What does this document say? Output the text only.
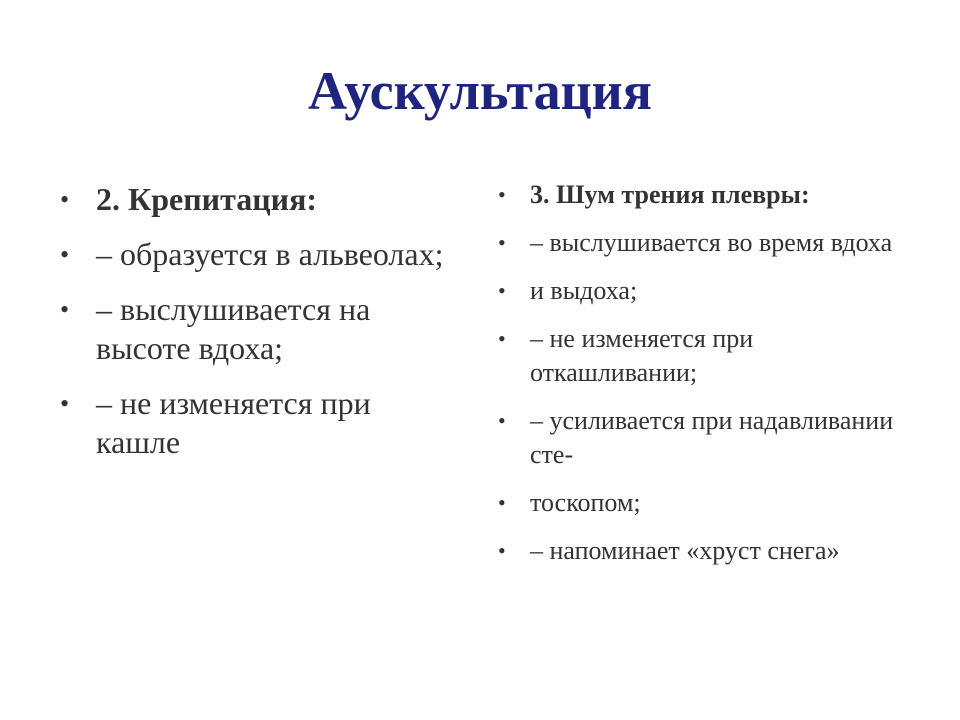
Аускультация
• 2. Крепитация:
• – образуется в альвеолах;
• – выслушивается на высоте вдоха;
• – не изменяется при кашле
• 3. Шум трения плевры:
• – выслушивается во время вдоха
• и выдоха;
• – не изменяется при откашливании;
• – усиливается при надавливании сте-
• тоскопом;
• – напоминает «хруст снега»
